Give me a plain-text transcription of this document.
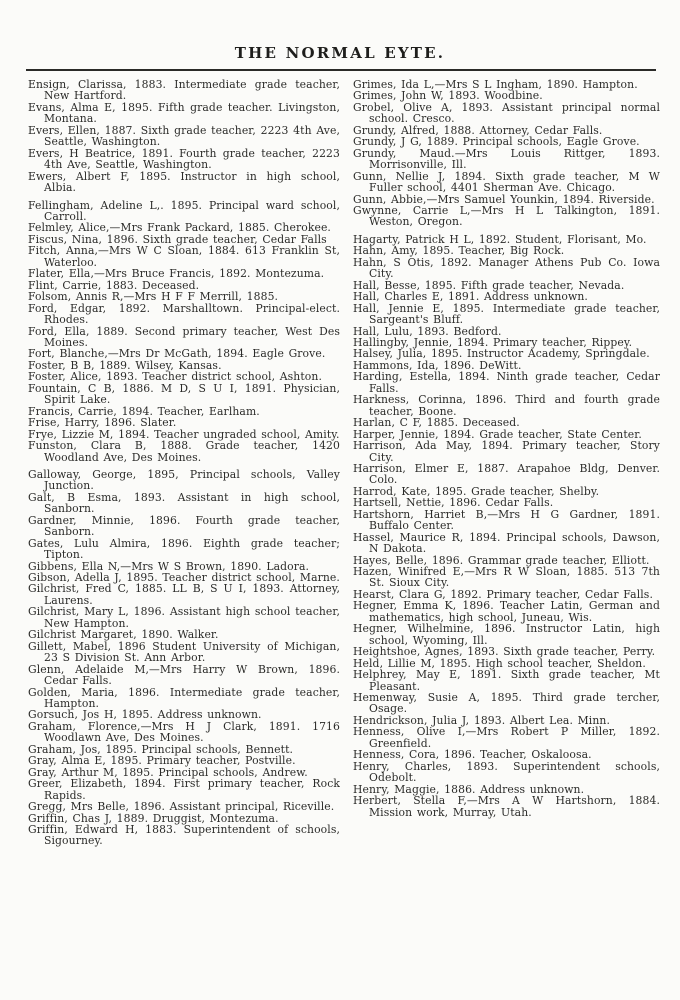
THE NORMAL EYTE.

Ensign, Clarissa, 1883. Intermediate grade teacher, New Hartford.

Evans, Alma E, 1895. Fifth grade teacher. Livingston, Montana.

Evers, Ellen, 1887. Sixth grade teacher, 2223 4th Ave, Seattle, Washington.

Evers, H Beatrice, 1891. Fourth grade teacher, 2223 4th Ave, Seattle, Washington.

Ewers, Albert F, 1895. Instructor in high school, Albia.

Fellingham, Adeline L,. 1895. Principal ward school, Carroll.

Felmley, Alice,—Mrs Frank Packard, 1885. Cherokee.

Fiscus, Nina, 1896. Sixth grade teacher, Cedar Falls

Fitch, Anna,—Mrs W C Sloan, 1884. 613 Franklin St, Waterloo.

Flater, Ella,—Mrs Bruce Francis, 1892. Montezuma.

Flint, Carrie, 1883. Deceased.

Folsom, Annis R,—Mrs H F F Merrill, 1885.

Ford, Edgar, 1892. Marshalltown. Principal-elect. Rhodes.

Ford, Ella, 1889. Second primary teacher, West Des Moines.

Fort, Blanche,—Mrs Dr McGath, 1894. Eagle Grove.

Foster, B B, 1889. Wilsey, Kansas.

Foster, Alice, 1893. Teacher district school, Ashton.

Fountain, C B, 1886. M D, S U I, 1891. Physician, Spirit Lake.

Francis, Carrie, 1894. Teacher, Earlham.

Frise, Harry, 1896. Slater.

Frye, Lizzie M, 1894. Teacher ungraded school, Amity.

Funston, Clara B, 1888. Grade teacher, 1420 Woodland Ave, Des Moines.

Galloway, George, 1895, Principal schools, Valley Junction.

Galt, B Esma, 1893. Assistant in high school, Sanborn.

Gardner, Minnie, 1896. Fourth grade teacher, Sanborn.

Gates, Lulu Almira, 1896. Eighth grade teacher; Tipton.

Gibbens, Ella N,—Mrs W S Brown, 1890. Ladora.

Gibson, Adella J, 1895. Teacher district school, Marne.

Gilchrist, Fred C, 1885. LL B, S U I, 1893. Attorney, Laurens.

Gilchrist, Mary L, 1896. Assistant high school teacher, New Hampton.

Gilchrist Margaret, 1890. Walker.

Gillett, Mabel, 1896 Student University of Michigan, 23 S Division St. Ann Arbor.

Glenn, Adelaide M,—Mrs Harry W Brown, 1896. Cedar Falls.

Golden, Maria, 1896. Intermediate grade teacher, Hampton.

Gorsuch, Jos H, 1895. Address unknown.

Graham, Florence,—Mrs H J Clark, 1891. 1716 Woodlawn Ave, Des Moines.

Graham, Jos, 1895. Principal schools, Bennett.

Gray, Alma E, 1895. Primary teacher, Postville.

Gray, Arthur M, 1895. Principal schools, Andrew.

Greer, Elizabeth, 1894. First primary teacher, Rock Rapids.

Gregg, Mrs Belle, 1896. Assistant principal, Riceville.

Griffin, Chas J, 1889. Druggist, Montezuma.

Griffin, Edward H, 1883. Superintendent of schools, Sigourney.

Grimes, Ida L,—Mrs S L Ingham, 1890. Hampton.

Grimes, John W, 1893. Woodbine.

Grobel, Olive A, 1893. Assistant principal normal school. Cresco.

Grundy, Alfred, 1888. Attorney, Cedar Falls.

Grundy, J G, 1889. Principal schools, Eagle Grove.

Grundy, Maud.—Mrs Louis Rittger, 1893. Morrisonville, Ill.

Gunn, Nellie J, 1894. Sixth grade teacher, M W Fuller school, 4401 Sherman Ave. Chicago.

Gunn, Abbie,—Mrs Samuel Younkin, 1894. Riverside.

Gwynne, Carrie L,—Mrs H L Talkington, 1891. Weston, Oregon.

Hagarty, Patrick H L, 1892. Student, Florisant, Mo.

Hahn, Amy, 1895. Teacher, Big Rock.

Hahn, S Otis, 1892. Manager Athens Pub Co. Iowa City.

Hall, Besse, 1895. Fifth grade teacher, Nevada.

Hall, Charles E, 1891. Address unknown.

Hall, Jennie E, 1895. Intermediate grade teacher, Sargeant's Bluff.

Hall, Lulu, 1893. Bedford.

Hallingby, Jennie, 1894. Primary teacher, Rippey.

Halsey, Julia, 1895. Instructor Academy, Springdale.

Hammons, Ida, 1896. DeWitt.

Harding, Estella, 1894. Ninth grade teacher, Cedar Falls.

Harkness, Corinna, 1896. Third and fourth grade teacher, Boone.

Harlan, C F, 1885. Deceased.

Harper, Jennie, 1894. Grade teacher, State Center.

Harrison, Ada May, 1894. Primary teacher, Story City.

Harrison, Elmer E, 1887. Arapahoe Bldg, Denver. Colo.

Harrod, Kate, 1895. Grade teacher, Shelby.

Hartsell, Nettie, 1896. Cedar Falls.

Hartshorn, Harriet B,—Mrs H G Gardner, 1891. Buffalo Center.

Hassel, Maurice R, 1894. Principal schools, Dawson, N Dakota.

Hayes, Belle, 1896. Grammar grade teacher, Elliott.

Hazen, Winifred E,—Mrs R W Sloan, 1885. 513 7th St. Sioux City.

Hearst, Clara G, 1892. Primary teacher, Cedar Falls.

Hegner, Emma K, 1896. Teacher Latin, German and mathematics, high school, Juneau, Wis.

Hegner, Wilhelmine, 1896. Instructor Latin, high school, Wyoming, Ill.

Heightshoe, Agnes, 1893. Sixth grade teacher, Perry.

Held, Lillie M, 1895. High school teacher, Sheldon.

Helphrey, May E, 1891. Sixth grade teacher, Mt Pleasant.

Hemenway, Susie A, 1895. Third grade tercher, Osage.

Hendrickson, Julia J, 1893. Albert Lea. Minn.

Henness, Olive I,—Mrs Robert P Miller, 1892. Greenfield.

Henness, Cora, 1896. Teacher, Oskaloosa.

Henry, Charles, 1893. Superintendent schools, Odebolt.

Henry, Maggie, 1886. Address unknown.

Herbert, Stella F,—Mrs A W Hartshorn, 1884. Mission work, Murray, Utah.
